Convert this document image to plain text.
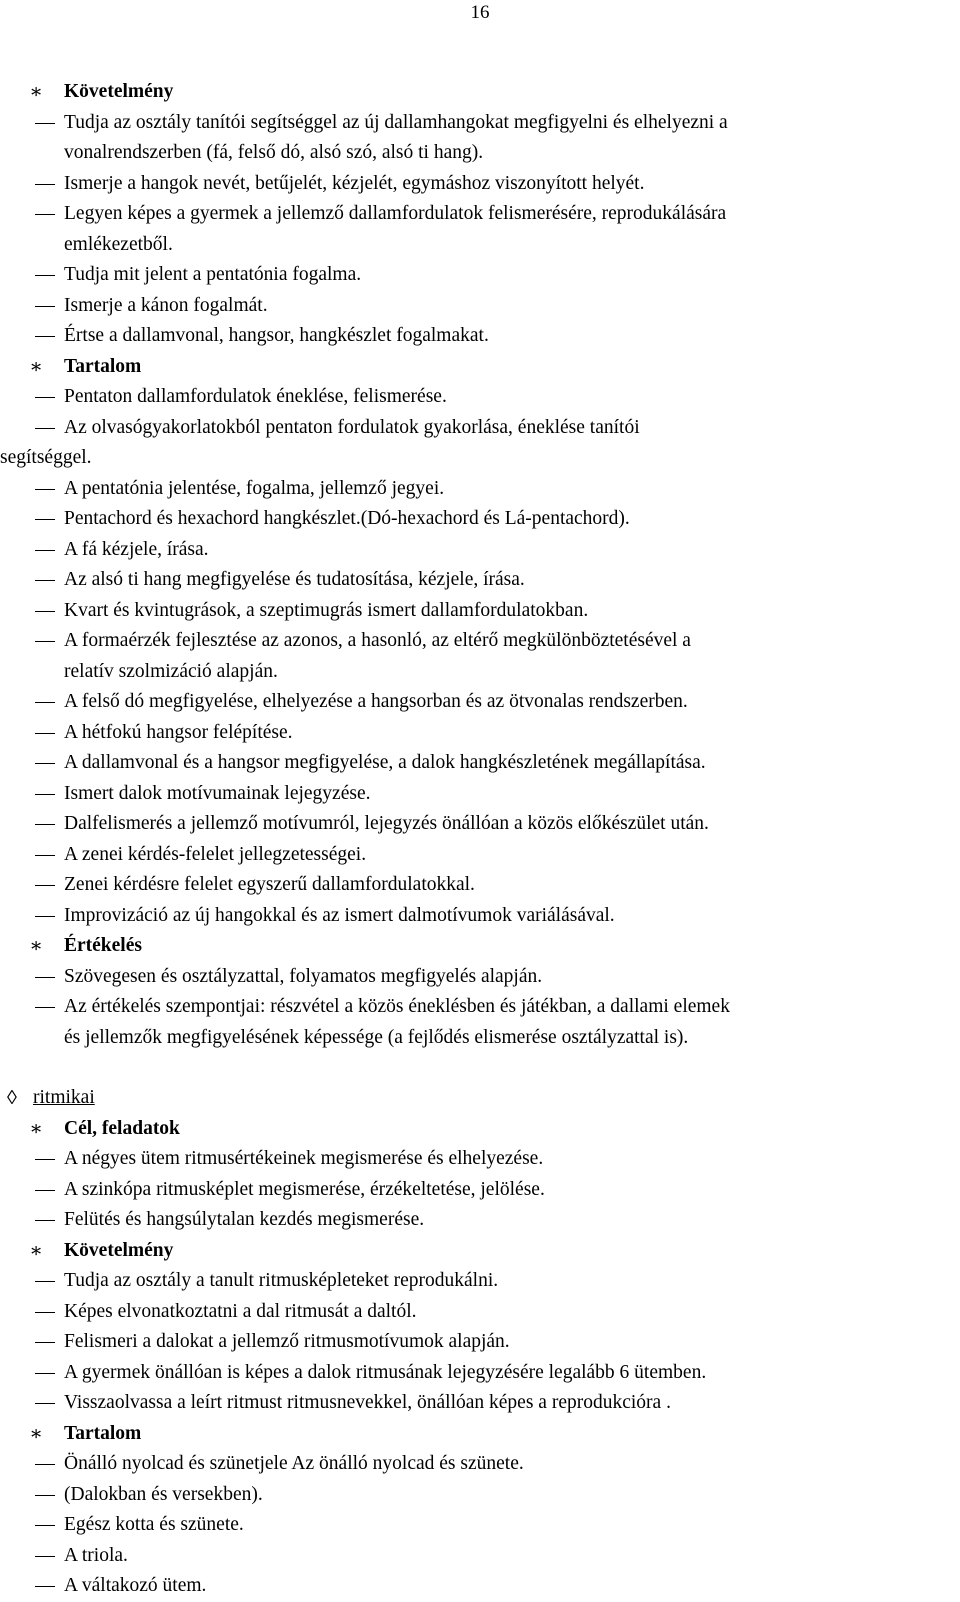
16
∗ Követelmény
Tudja az osztály tanítói segítséggel az új dallamhangokat megfigyelni és elhelyezni a
vonalrendszerben (fá, felső dó, alsó szó, alsó ti hang).
Ismerje a hangok nevét, betűjelét, kézjelét, egymáshoz viszonyított helyét.
Legyen képes a gyermek a jellemző dallamfordulatok felismerésére, reprodukálására
emlékezetből.
Tudja mit jelent a pentatónia fogalma.
Ismerje a kánon fogalmát.
Értse a dallamvonal, hangsor, hangkészlet fogalmakat.
∗ Tartalom
Pentaton dallamfordulatok éneklése, felismerése.
Az olvasógyakorlatokból pentaton fordulatok gyakorlása, éneklése tanítói
segítséggel.
A pentatónia jelentése, fogalma, jellemző jegyei.
Pentachord és hexachord hangkészlet.(Dó-hexachord és Lá-pentachord).
A fá kézjele, írása.
Az alsó ti hang megfigyelése és tudatosítása, kézjele, írása.
Kvart és kvintugrások, a szeptimugrás ismert dallamfordulatokban.
A formaérzék fejlesztése az azonos, a hasonló, az eltérő megkülönböztetésével a
relatív szolmizáció alapján.
A felső dó megfigyelése, elhelyezése a hangsorban és az ötvonalas rendszerben.
A hétfokú hangsor felépítése.
A dallamvonal és a hangsor megfigyelése, a dalok hangkészletének megállapítása.
Ismert dalok motívumainak lejegyzése.
Dalfelismerés a jellemző motívumról, lejegyzés önállóan a közös előkészület után.
A zenei kérdés-felelet jellegzetességei.
Zenei kérdésre felelet egyszerű dallamfordulatokkal.
Improvizáció az új hangokkal és az ismert dalmotívumok variálásával.
∗ Értékelés
Szövegesen és osztályzattal, folyamatos megfigyelés alapján.
Az értékelés szempontjai: részvétel a közös éneklésben és játékban, a dallami elemek
és jellemzők megfigyelésének képessége (a fejlődés elismerése osztályzattal is).
◊ ritmikai
∗ Cél, feladatok
A négyes ütem ritmusértékeinek megismerése és elhelyezése.
A szinkópa ritmusképlet megismerése, érzékeltetése, jelölése.
Felütés és hangsúlytalan kezdés megismerése.
∗ Követelmény
Tudja az osztály a tanult ritmusképleteket reprodukálni.
Képes elvonatkoztatni a dal ritmusát a daltól.
Felismeri a dalokat a jellemző ritmusmotívumok alapján.
A gyermek önállóan is képes a dalok ritmusának lejegyzésére legalább 6 ütemben.
Visszaolvassa a leírt ritmust ritmusnevekkel, önállóan képes a reprodukcióra .
∗ Tartalom
Önálló nyolcad és szünetjele Az önálló nyolcad és szünete.
(Dalokban és versekben).
Egész kotta és szünete.
A triola.
A váltakozó ütem.
